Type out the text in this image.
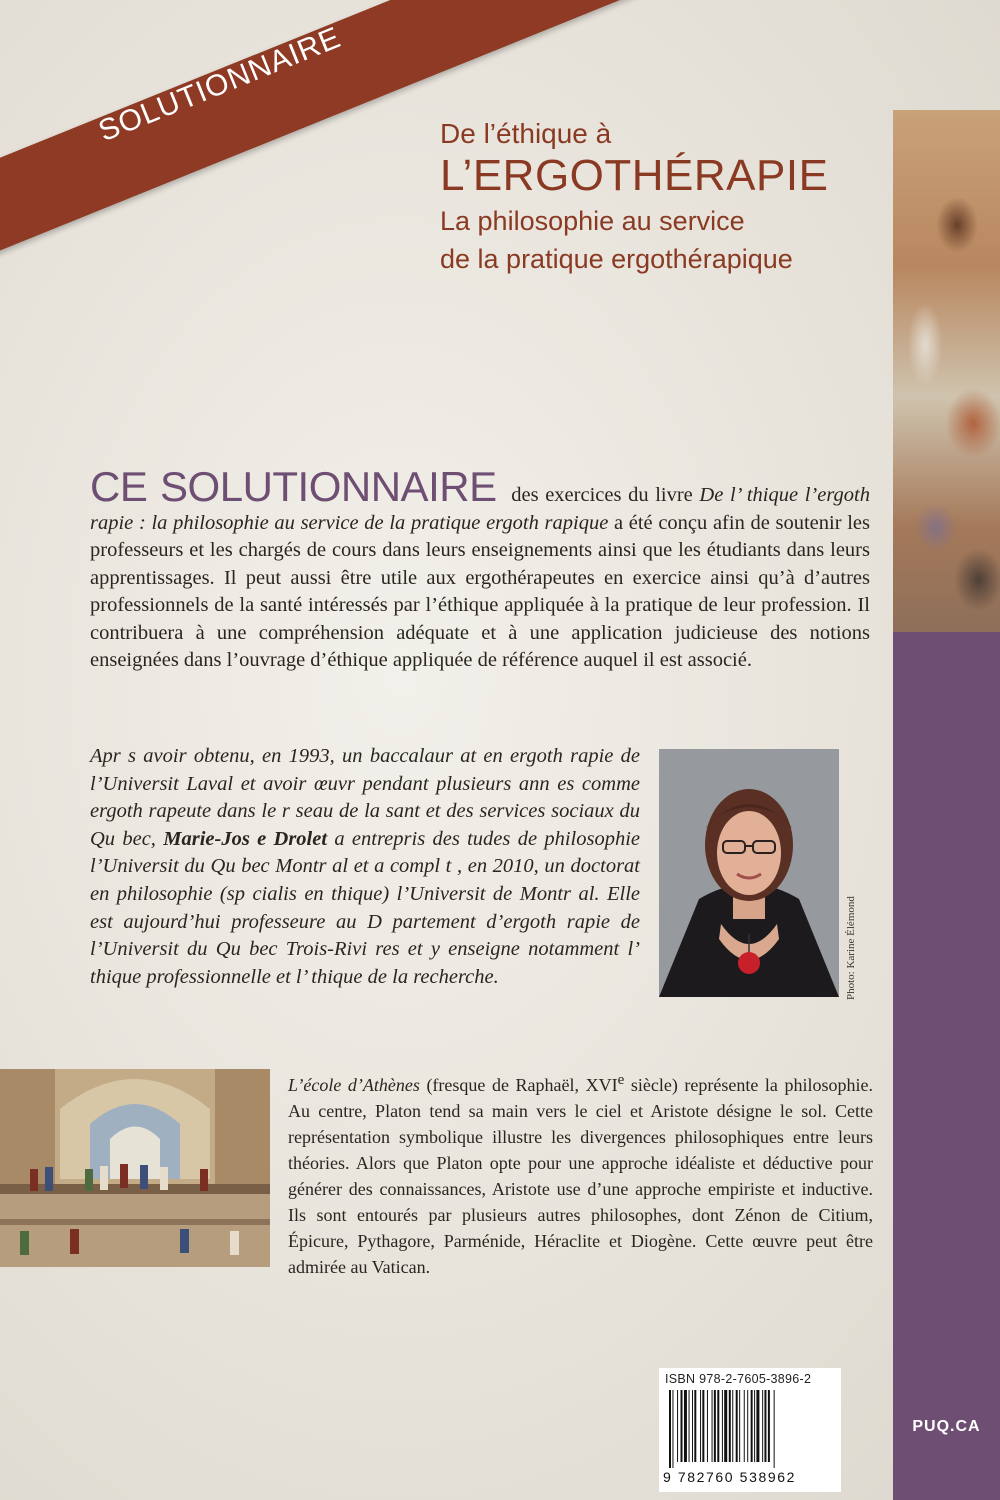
PUQ.CA
SOLUTIONNAIRE	De l’éthique à

L’ERGOTHÉRAPIE

La philosophie au service

de la pratique ergothérapique

CE SOLUTIONNAIRE des exercices du livre De l’ thique l’ergoth rapie : la philosophie au service de la pratique ergoth rapique a été conçu afin de soutenir les professeurs et les chargés de cours dans leurs enseignements ainsi que les étudiants dans leurs apprentissages. Il peut aussi être utile aux ergothérapeutes en exercice ainsi qu’à d’autres professionnels de la santé intéressés par l’éthique appliquée à la pratique de leur profession. Il contribuera à une compréhension adéquate et à une application judicieuse des notions enseignées dans l’ouvrage d’éthique appliquée de référence auquel il est associé.

Apr s avoir obtenu, en 1993, un baccalaur at en ergoth rapie de l’Universit Laval et avoir œuvr pendant plusieurs ann es comme ergoth rapeute dans le r seau de la sant et des services sociaux du Qu bec, Marie-Jos e Drolet a entrepris des tudes de philosophie l’Universit du Qu bec Montr al et a compl t , en 2010, un doctorat en philosophie (sp cialis en thique) l’Universit de Montr al. Elle est aujourd’hui professeure au D partement d’ergoth rapie de l’Universit du Qu bec Trois-Rivi res et y enseigne notamment l’ thique professionnelle et l’ thique de la recherche.	Photo: Karine Élémond

L’école d’Athènes (fresque de Raphaël, XVIe siècle) représente la philosophie. Au centre, Platon tend sa main vers le ciel et Aristote désigne le sol. Cette représentation symbolique illustre les divergences philosophiques entre leurs théories. Alors que Platon opte pour une approche idéaliste et déductive pour générer des connaissances, Aristote use d’une approche empiriste et inductive. Ils sont entourés par plusieurs autres philosophes, dont Zénon de Citium, Épicure, Pythagore, Parménide, Héraclite et Diogène. Cette œuvre peut être admirée au Vatican.

ISBN 978-2-7605-3896-2
9 782760 538962
